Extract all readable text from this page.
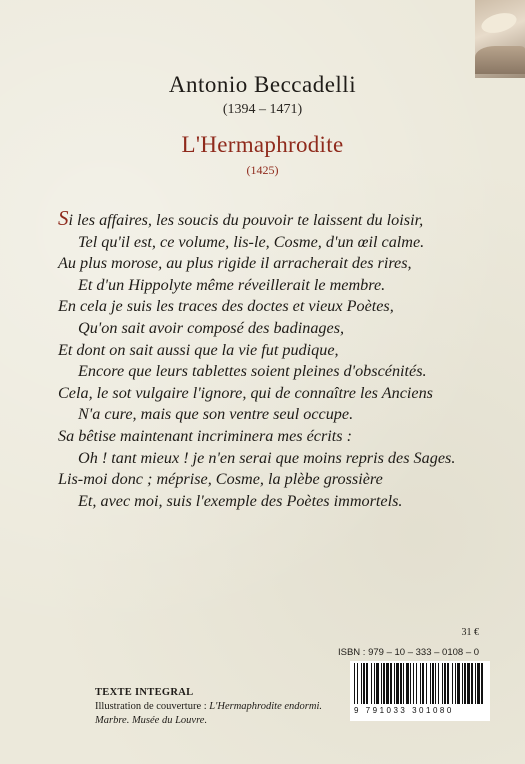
Antonio Beccadelli
(1394 – 1471)
L'Hermaphrodite
(1425)
Si les affaires, les soucis du pouvoir te laissent du loisir,
Tel qu'il est, ce volume, lis-le, Cosme, d'un œil calme.
Au plus morose, au plus rigide il arracherait des rires,
Et d'un Hippolyte même réveillerait le membre.
En cela je suis les traces des doctes et vieux Poètes,
Qu'on sait avoir composé des badinages,
Et dont on sait aussi que la vie fut pudique,
Encore que leurs tablettes soient pleines d'obscénités.
Cela, le sot vulgaire l'ignore, qui de connaître les Anciens
N'a cure, mais que son ventre seul occupe.
Sa bêtise maintenant incriminera mes écrits :
Oh ! tant mieux ! je n'en serai que moins repris des Sages.
Lis-moi donc ; méprise, Cosme, la plèbe grossière
Et, avec moi, suis l'exemple des Poètes immortels.
31 €
ISBN : 979 – 10 – 333 – 0108 – 0
9 791033 301080
TEXTE INTEGRAL
Illustration de couverture : L'Hermaphrodite endormi.
Marbre. Musée du Louvre.
